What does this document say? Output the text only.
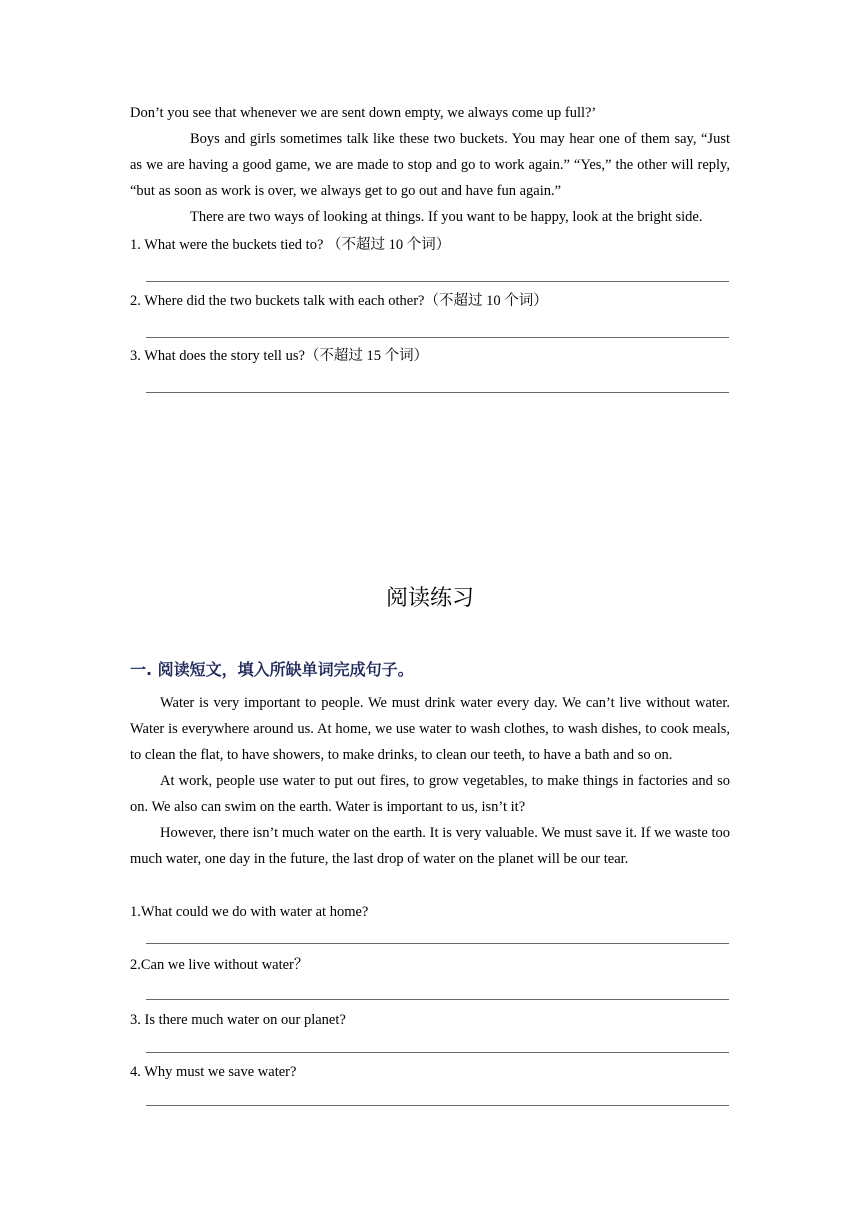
Don’t you see that whenever we are sent down empty, we always come up full?’

Boys and girls sometimes talk like these two buckets. You may hear one of them say, “Just as we are having a good game, we are made to stop and go to work again.” “Yes,” the other will reply, “but as soon as work is over, we always get to go out and have fun again.”

There are two ways of looking at things. If you want to be happy, look at the bright side.

1. What were the buckets tied to? （不超过 10 个词）

2. Where did the two buckets talk with each other?（不超过 10 个词）

3. What does the story tell us?（不超过 15 个词）

阅读练习
一. 阅读短文，填入所缺单词完成句子。

Water is very important to people. We must drink water every day. We can’t live without water. Water is everywhere around us. At home, we use water to wash clothes, to wash dishes, to cook meals, to clean the flat, to have showers, to make drinks, to clean our teeth, to have a bath and so on.

At work, people use water to put out fires, to grow vegetables, to make things in factories and so on. We also can swim on the earth. Water is important to us, isn’t it?

However, there isn’t much water on the earth. It is very valuable. We must save it. If we waste too much water, one day in the future, the last drop of water on the planet will be our tear.

1.What could we do with water at home?

2.Can we live without water？

3. Is there much water on our planet?

4. Why must we save water?
